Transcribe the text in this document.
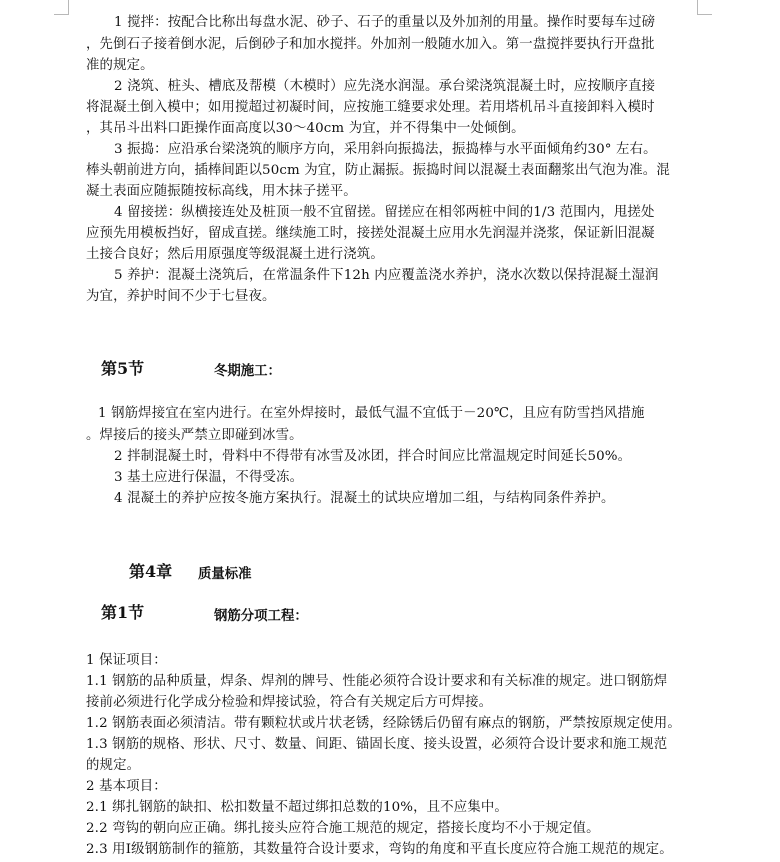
1 搅拌：按配合比称出每盘水泥、砂子、石子的重量以及外加剂的用量。操作时要每车过磅
，先倒石子接着倒水泥，后倒砂子和加水搅拌。外加剂一般随水加入。第一盘搅拌要执行开盘批
准的规定。
2 浇筑、桩头、槽底及帮模（木模时）应先浇水润湿。承台梁浇筑混凝土时，应按顺序直接
将混凝土倒入模中；如用搅超过初凝时间，应按施工缝要求处理。若用塔机吊斗直接卸料入模时
，其吊斗出料口距操作面高度以30～40cm 为宜，并不得集中一处倾倒。
3 振捣：应沿承台梁浇筑的顺序方向，采用斜向振捣法，振捣棒与水平面倾角约30° 左右。
棒头朝前进方向，插棒间距以50cm 为宜，防止漏振。振捣时间以混凝土表面翻浆出气泡为准。混
凝土表面应随振随按标高线，用木抹子搓平。
4 留接搓：纵横接连处及桩顶一般不宜留搓。留搓应在相邻两桩中间的1/3 范围内，甩搓处
应预先用模板挡好，留成直搓。继续施工时，接搓处混凝土应用水先润湿并浇浆，保证新旧混凝
土接合良好；然后用原强度等级混凝土进行浇筑。
5 养护：混凝土浇筑后，在常温条件下12h 内应覆盖浇水养护，浇水次数以保持混凝土湿润
为宜，养护时间不少于七昼夜。
第5节	冬期施工：
1 钢筋焊接宜在室内进行。在室外焊接时，最低气温不宜低于－20℃，且应有防雪挡风措施
。焊接后的接头严禁立即碰到冰雪。
2 拌制混凝土时，骨料中不得带有冰雪及冰团，拌合时间应比常温规定时间延长50%。
3 基土应进行保温，不得受冻。
4 混凝土的养护应按冬施方案执行。混凝土的试块应增加二组，与结构同条件养护。
第4章 质量标准
第1节	钢筋分项工程：
1 保证项目：
1.1 钢筋的品种质量，焊条、焊剂的牌号、性能必须符合设计要求和有关标准的规定。进口钢筋焊
接前必须进行化学成分检验和焊接试验，符合有关规定后方可焊接。
1.2 钢筋表面必须清洁。带有颗粒状或片状老锈，经除锈后仍留有麻点的钢筋，严禁按原规定使用。
1.3 钢筋的规格、形状、尺寸、数量、间距、锚固长度、接头设置，必须符合设计要求和施工规范
的规定。
2 基本项目：
2.1 绑扎钢筋的缺扣、松扣数量不超过绑扣总数的10%，且不应集中。
2.2 弯钩的朝向应正确。绑扎接头应符合施工规范的规定，搭接长度均不小于规定值。
2.3 用Ⅰ级钢筋制作的箍筋，其数量符合设计要求，弯钩的角度和平直长度应符合施工规范的规定。
